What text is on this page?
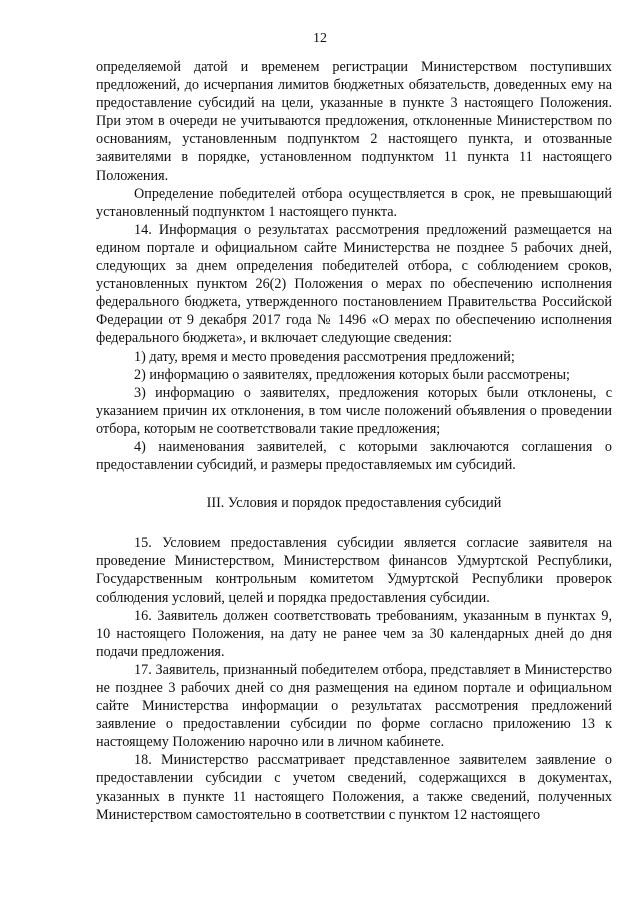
12

определяемой датой и временем регистрации Министерством поступивших предложений, до исчерпания лимитов бюджетных обязательств, доведенных ему на предоставление субсидий на цели, указанные в пункте 3 настоящего Положения. При этом в очереди не учитываются предложения, отклоненные Министерством по основаниям, установленным подпунктом 2 настоящего пункта, и отозванные заявителями в порядке, установленном подпунктом 11 пункта 11 настоящего Положения.

Определение победителей отбора осуществляется в срок, не превышающий установленный подпунктом 1 настоящего пункта.

14. Информация о результатах рассмотрения предложений размещается на едином портале и официальном сайте Министерства не позднее 5 рабочих дней, следующих за днем определения победителей отбора, с соблюдением сроков, установленных пунктом 26(2) Положения о мерах по обеспечению исполнения федерального бюджета, утвержденного постановлением Правительства Российской Федерации от 9 декабря 2017 года № 1496 «О мерах по обеспечению исполнения федерального бюджета», и включает следующие сведения:

1) дату, время и место проведения рассмотрения предложений;

2) информацию о заявителях, предложения которых были рассмотрены;

3) информацию о заявителях, предложения которых были отклонены, с указанием причин их отклонения, в том числе положений объявления о проведении отбора, которым не соответствовали такие предложения;

4) наименования заявителей, с которыми заключаются соглашения о предоставлении субсидий, и размеры предоставляемых им субсидий.

III. Условия и порядок предоставления субсидий

15. Условием предоставления субсидии является согласие заявителя на проведение Министерством, Министерством финансов Удмуртской Республики, Государственным контрольным комитетом Удмуртской Республики проверок соблюдения условий, целей и порядка предоставления субсидии.

16. Заявитель должен соответствовать требованиям, указанным в пунктах 9, 10 настоящего Положения, на дату не ранее чем за 30 календарных дней до дня подачи предложения.

17. Заявитель, признанный победителем отбора, представляет в Министерство не позднее 3 рабочих дней со дня размещения на едином портале и официальном сайте Министерства информации о результатах рассмотрения предложений заявление о предоставлении субсидии по форме согласно приложению 13 к настоящему Положению нарочно или в личном кабинете.

18. Министерство рассматривает представленное заявителем заявление о предоставлении субсидии с учетом сведений, содержащихся в документах, указанных в пункте 11 настоящего Положения, а также сведений, полученных Министерством самостоятельно в соответствии с пунктом 12 настоящего
